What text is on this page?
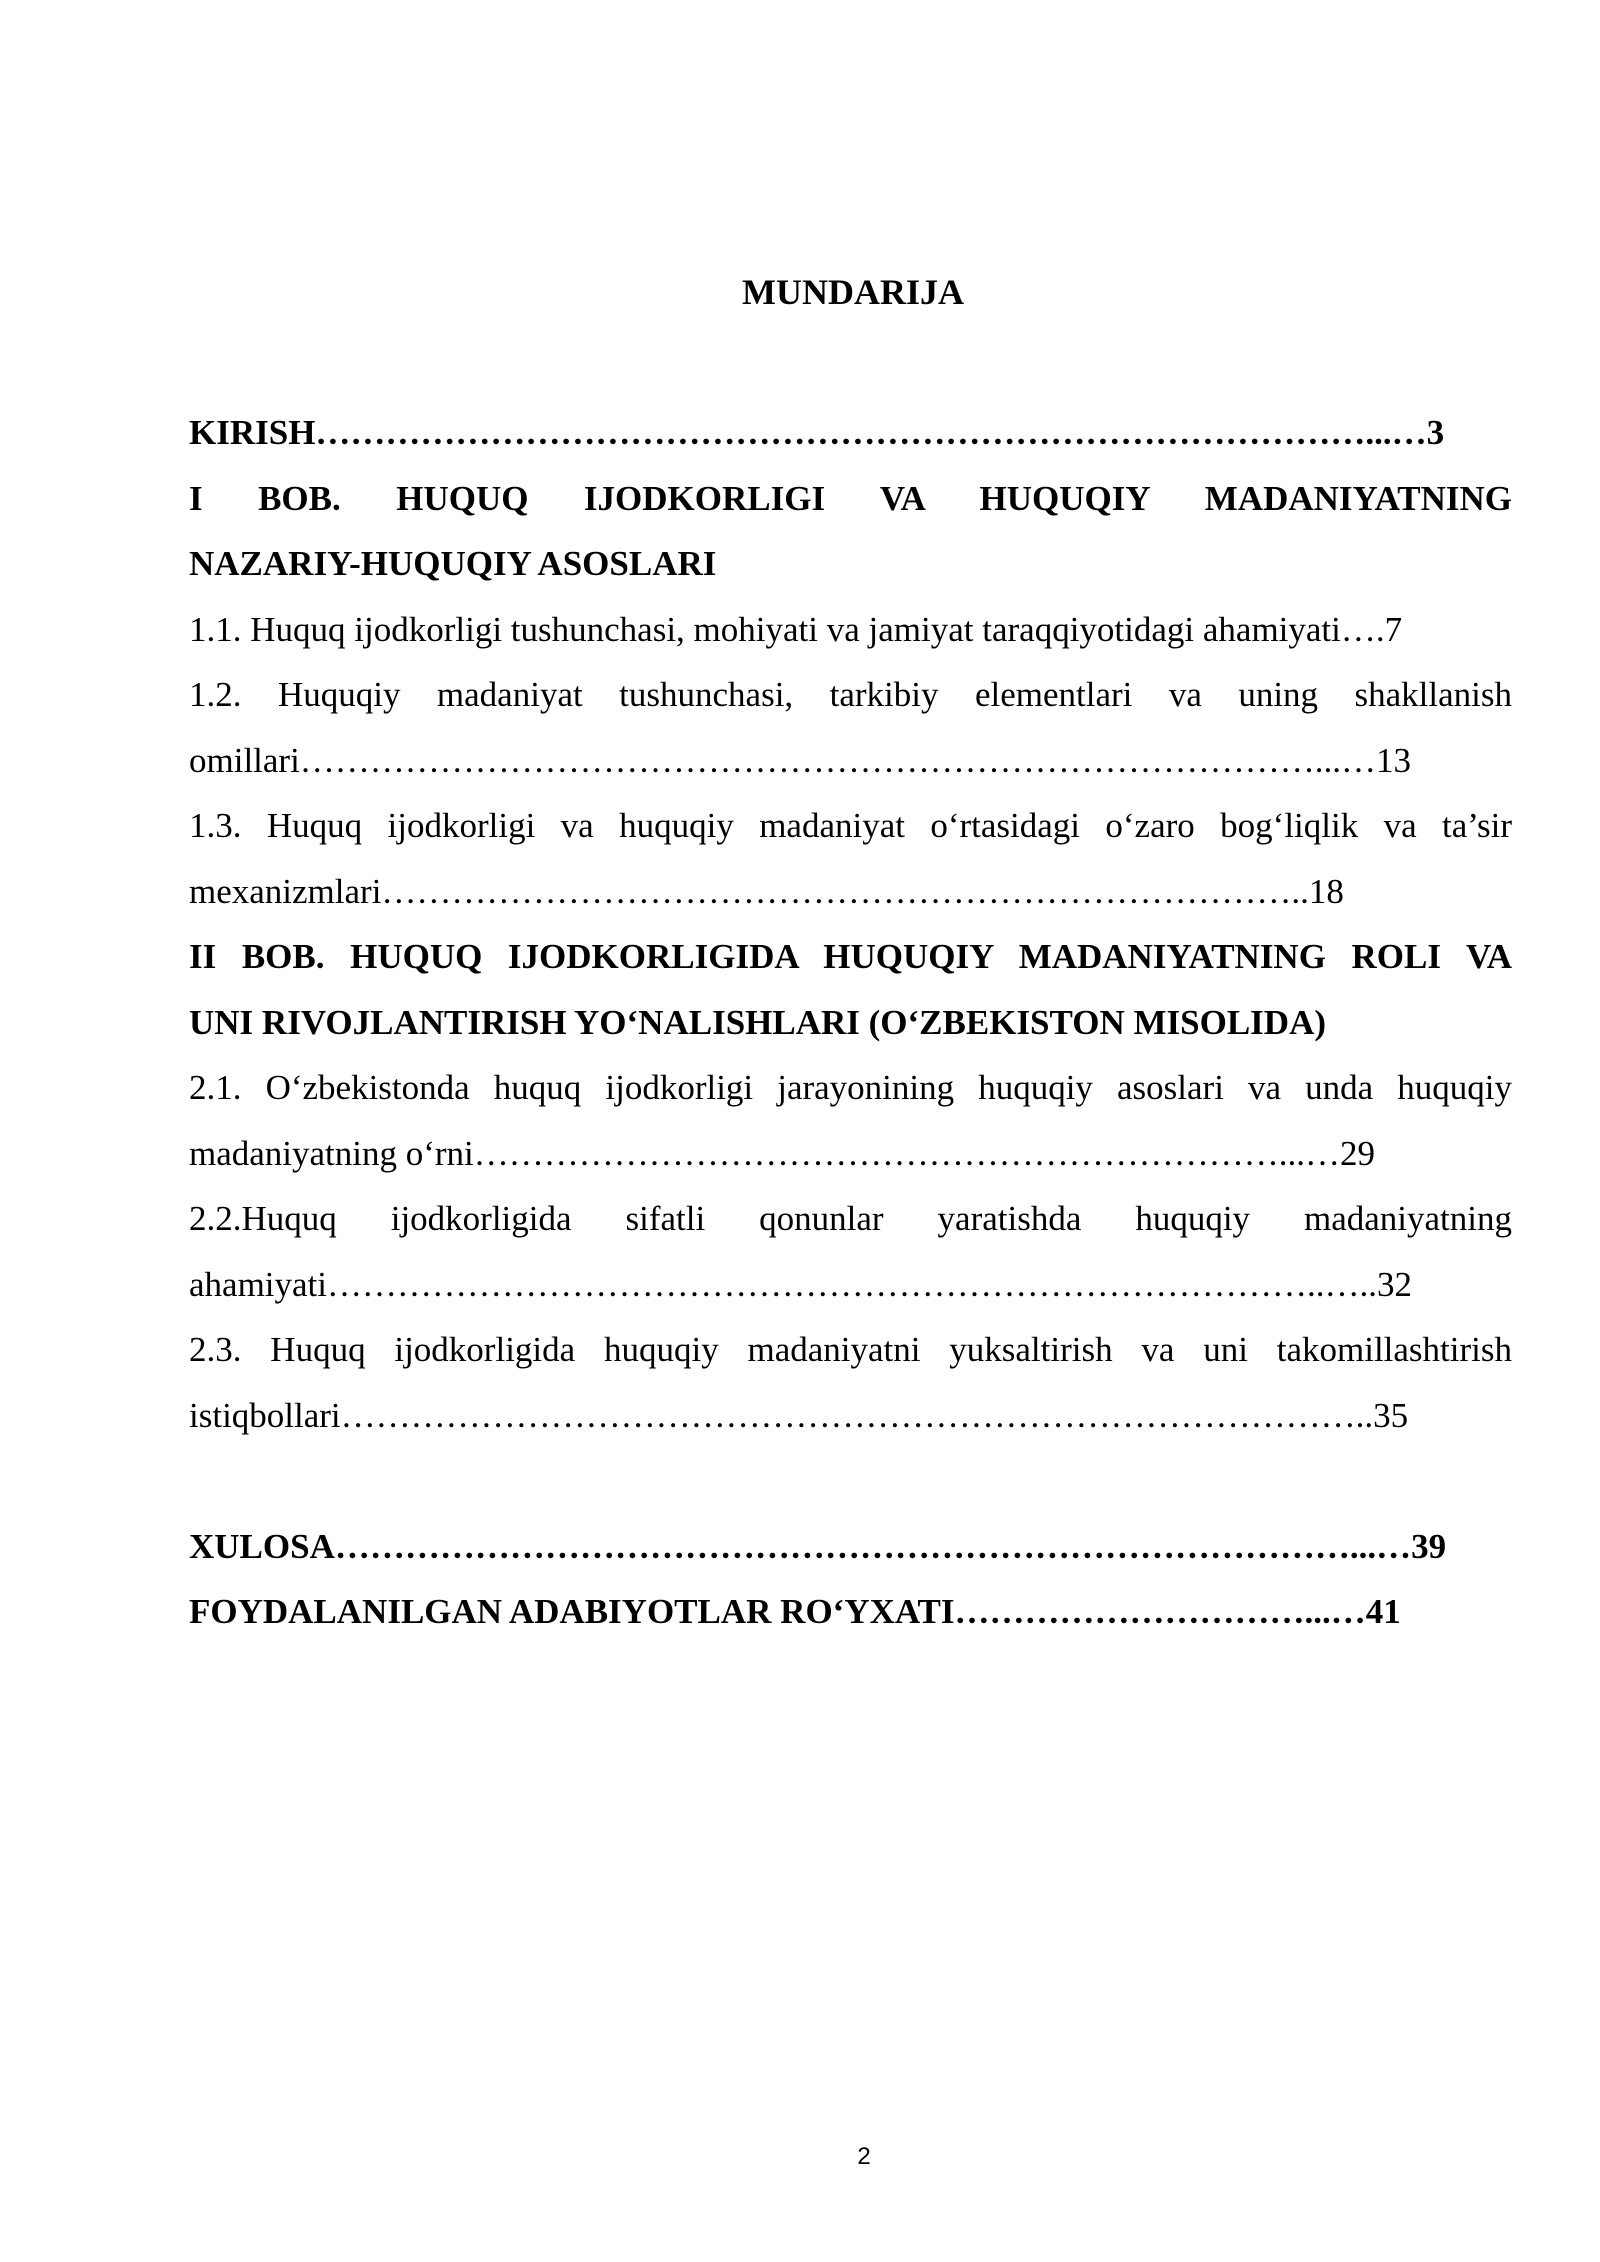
MUNDARIJA
KIRISH………………………………………………………………………………...…3
I BOB. HUQUQ IJODKORLIGI VA HUQUQIY MADANIYATNING
NAZARIY-HUQUQIY ASOSLARI
1.1. Huquq ijodkorligi tushunchasi, mohiyati va jamiyat taraqqiyotidagi ahamiyati….7
1.2. Huquqiy madaniyat tushunchasi, tarkibiy elementlari va uning shakllanish
omillari……………………………………………………………………………...…13
1.3. Huquq ijodkorligi va huquqiy madaniyat o‘rtasidagi o‘zaro bog‘liqlik va ta’sir
mexanizmlari……………………………………………………………………..18
II BOB. HUQUQ IJODKORLIGIDA HUQUQIY MADANIYATNING ROLI VA
UNI RIVOJLANTIRISH YO‘NALISHLARI (O‘ZBEKISTON MISOLIDA)
2.1. O‘zbekistonda huquq ijodkorligi jarayonining huquqiy asoslari va unda huquqiy
madaniyatning o‘rni……………………………………………………………...…29
2.2.Huquq ijodkorligida sifatli qonunlar yaratishda huquqiy madaniyatning
ahamiyati…………………………………………………………………………..…..32
2.3. Huquq ijodkorligida huquqiy madaniyatni yuksaltirish va uni takomillashtirish
istiqbollari……………………………………………………………………………..35
XULOSA……………………………………………………………………………...…39
FOYDALANILGAN ADABIYOTLAR RO‘YXATI…………………………...…41
2
